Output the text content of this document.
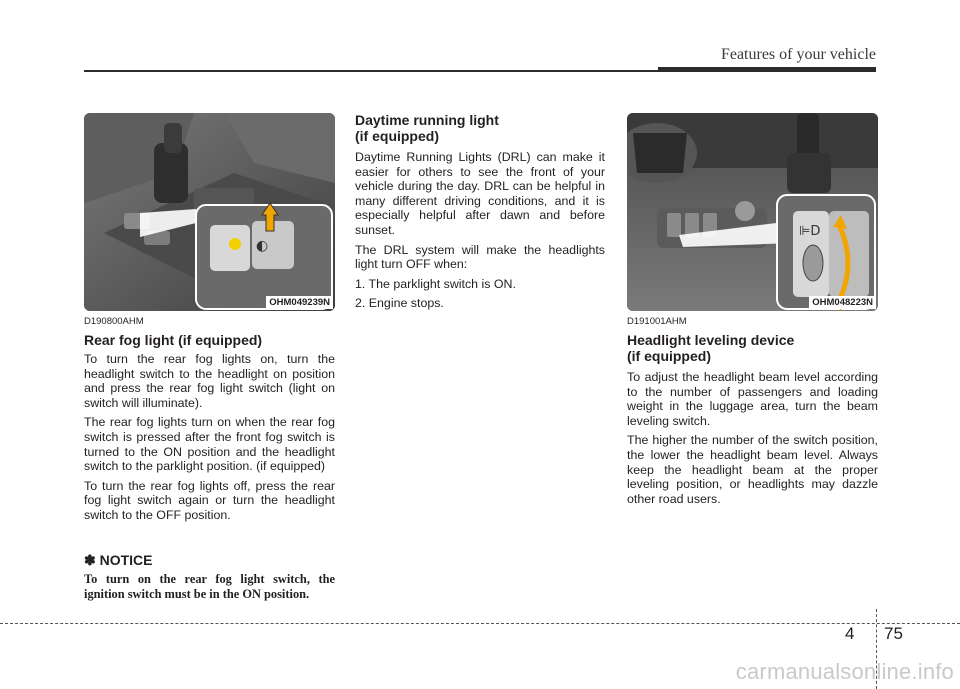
Features of your vehicle
◐
OHM049239N
D190800AHM
Rear fog light (if equipped)

To turn the rear fog lights on, turn the headlight switch to the headlight on position and press the rear fog light switch (light on switch will illuminate).

The rear fog lights turn on when the rear fog switch is pressed after the front fog switch is turned to the ON position and the headlight switch to the parklight position. (if equipped)

To turn the rear fog lights off, press the rear fog light switch again or turn the headlight switch to the OFF position.

✽ NOTICE
To turn on the rear fog light switch, the ignition switch must be in the ON position.
Daytime running light
(if equipped)

Daytime Running Lights (DRL) can make it easier for others to see the front of your vehicle during the day. DRL can be helpful in many different driving conditions, and it is especially helpful after dawn and before sunset.

The DRL system will make the headlights light turn OFF when:

1. The parklight switch is ON.

2. Engine stops.

⊫D
OHM048223N
D191001AHM
Headlight leveling device
(if equipped)

To adjust the headlight beam level according to the number of passengers and loading weight in the luggage area, turn the beam leveling switch.

The higher the number of the switch position, the lower the headlight beam level. Always keep the headlight beam at the proper leveling position, or headlights may dazzle other road users.

4 75
carmanualsonline.info
